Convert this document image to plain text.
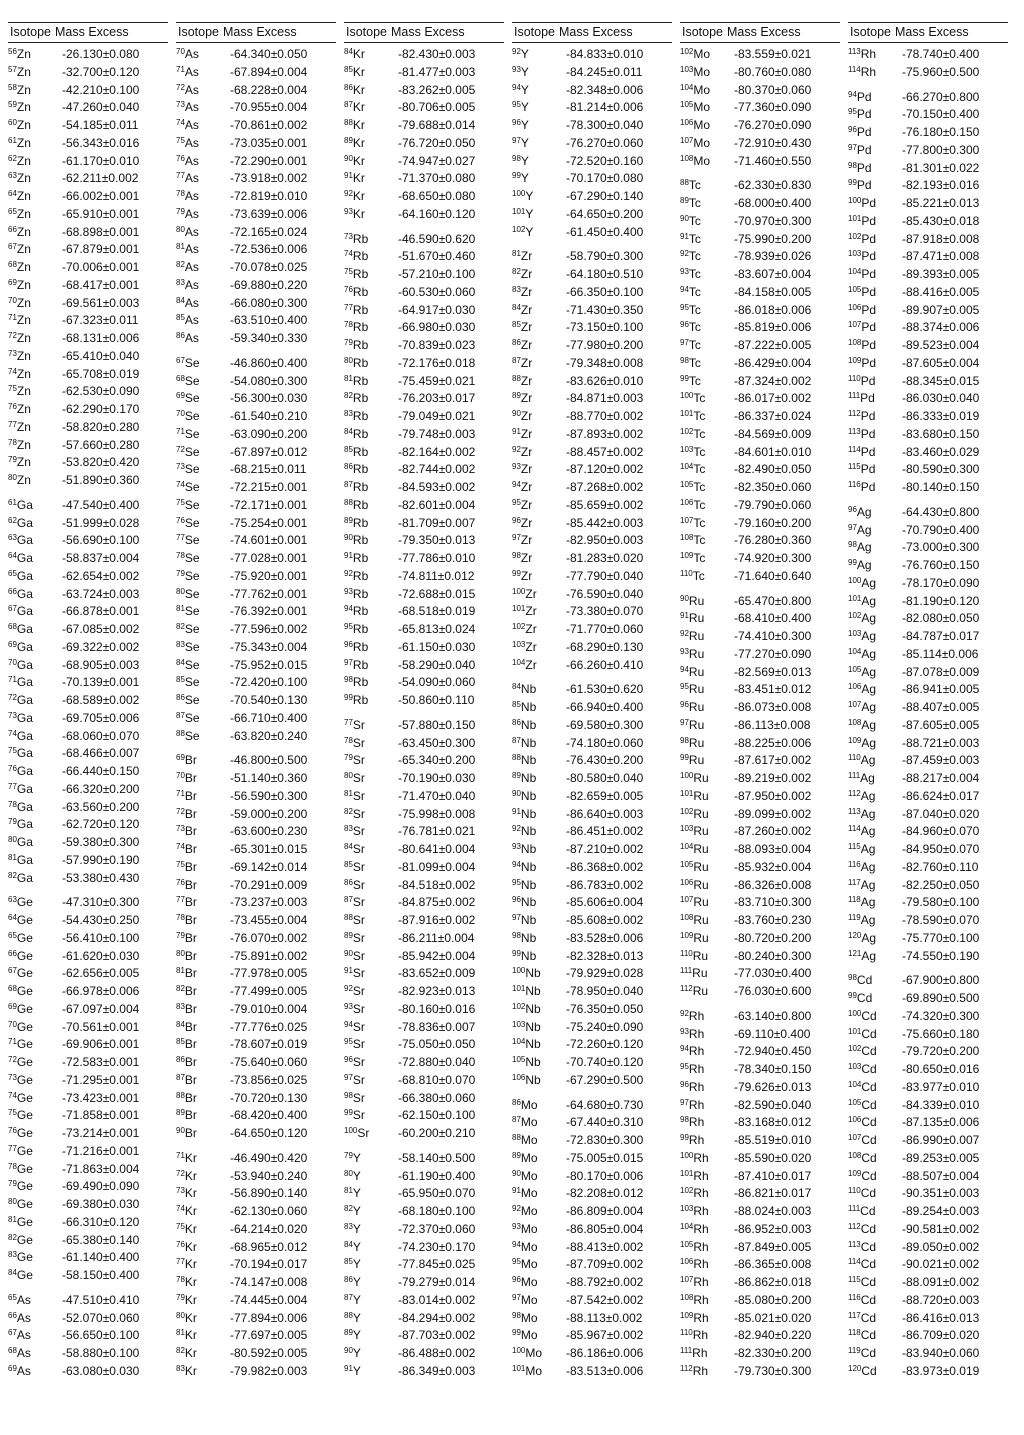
Isotope Mass Excess
$^{56}$Zn	-26.130±0.080
$^{57}$Zn	-32.700±0.120
$^{58}$Zn	-42.210±0.100
$^{59}$Zn	-47.260±0.040
$^{60}$Zn	-54.185±0.011
$^{61}$Zn	-56.343±0.016
$^{62}$Zn	-61.170±0.010
$^{63}$Zn	-62.211±0.002
$^{64}$Zn	-66.002±0.001
$^{65}$Zn	-65.910±0.001
$^{66}$Zn	-68.898±0.001
$^{67}$Zn	-67.879±0.001
$^{68}$Zn	-70.006±0.001
$^{69}$Zn	-68.417±0.001
$^{70}$Zn	-69.561±0.003
$^{71}$Zn	-67.323±0.011
$^{72}$Zn	-68.131±0.006
$^{73}$Zn	-65.410±0.040
$^{74}$Zn	-65.708±0.019
$^{75}$Zn	-62.530±0.090
$^{76}$Zn	-62.290±0.170
$^{77}$Zn	-58.820±0.280
$^{78}$Zn	-57.660±0.280
$^{79}$Zn	-53.820±0.420
$^{80}$Zn	-51.890±0.360
$^{61}$Ga -47.540±0.400
$^{62}$Ga -51.999±0.028
$^{63}$Ga -56.690±0.100
$^{64}$Ga -58.837±0.004
$^{65}$Ga -62.654±0.002
$^{66}$Ga -63.724±0.003
$^{67}$Ga -66.878±0.001
$^{68}$Ga -67.085±0.002
$^{69}$Ga -69.322±0.002
$^{70}$Ga -68.905±0.003
$^{71}$Ga -70.139±0.001
$^{72}$Ga -68.589±0.002
$^{73}$Ga -69.705±0.006
$^{74}$Ga -68.060±0.070
$^{75}$Ga -68.466±0.007
$^{76}$Ga -66.440±0.150
$^{77}$Ga -66.320±0.200
$^{78}$Ga -63.560±0.200
$^{79}$Ga -62.720±0.120
$^{80}$Ga -59.380±0.300
$^{81}$Ga -57.990±0.190
$^{82}$Ga -53.380±0.430
$^{63}$Ge -47.310±0.300
$^{64}$Ge -54.430±0.250
$^{65}$Ge -56.410±0.100
$^{66}$Ge -61.620±0.030
$^{67}$Ge -62.656±0.005
$^{68}$Ge -66.978±0.006
$^{69}$Ge -67.097±0.004
$^{70}$Ge -70.561±0.001
$^{71}$Ge -69.906±0.001
$^{72}$Ge -72.583±0.001
$^{73}$Ge -71.295±0.001
$^{74}$Ge -73.423±0.001
$^{75}$Ge -71.858±0.001
$^{76}$Ge -73.214±0.001
$^{77}$Ge -71.216±0.001
$^{78}$Ge -71.863±0.004
$^{79}$Ge -69.490±0.090
$^{80}$Ge -69.380±0.030
$^{81}$Ge -66.310±0.120
$^{82}$Ge -65.380±0.140
$^{83}$Ge -61.140±0.400
$^{84}$Ge -58.150±0.400
$^{65}$As	-47.510±0.410
$^{66}$As	-52.070±0.060
$^{67}$As	-56.650±0.100
$^{68}$As	-58.880±0.100
$^{69}$As	-63.080±0.030
Isotope Mass Excess
$^{70}$As	-64.340±0.050
$^{71}$As	-67.894±0.004
$^{72}$As	-68.228±0.004
$^{73}$As	-70.955±0.004
$^{74}$As	-70.861±0.002
$^{75}$As	-73.035±0.001
$^{76}$As	-72.290±0.001
$^{77}$As	-73.918±0.002
$^{78}$As	-72.819±0.010
$^{79}$As	-73.639±0.006
$^{80}$As	-72.165±0.024
$^{81}$As	-72.536±0.006
$^{82}$As	-70.078±0.025
$^{83}$As	-69.880±0.220
$^{84}$As	-66.080±0.300
$^{85}$As	-63.510±0.400
$^{86}$As	-59.340±0.330
$^{67}$Se	-46.860±0.400
$^{68}$Se	-54.080±0.300
$^{69}$Se	-56.300±0.030
$^{70}$Se	-61.540±0.210
$^{71}$Se	-63.090±0.200
$^{72}$Se	-67.897±0.012
$^{73}$Se	-68.215±0.011
$^{74}$Se	-72.215±0.001
$^{75}$Se	-72.171±0.001
$^{76}$Se	-75.254±0.001
$^{77}$Se	-74.601±0.001
$^{78}$Se	-77.028±0.001
$^{79}$Se	-75.920±0.001
$^{80}$Se	-77.762±0.001
$^{81}$Se	-76.392±0.001
$^{82}$Se	-77.596±0.002
$^{83}$Se	-75.343±0.004
$^{84}$Se	-75.952±0.015
$^{85}$Se	-72.420±0.100
$^{86}$Se	-70.540±0.130
$^{87}$Se	-66.710±0.400
$^{88}$Se	-63.820±0.240
$^{69}$Br	-46.800±0.500
$^{70}$Br	-51.140±0.360
$^{71}$Br	-56.590±0.300
$^{72}$Br	-59.000±0.200
$^{73}$Br	-63.600±0.230
$^{74}$Br	-65.301±0.015
$^{75}$Br	-69.142±0.014
$^{76}$Br	-70.291±0.009
$^{77}$Br	-73.237±0.003
$^{78}$Br	-73.455±0.004
$^{79}$Br	-76.070±0.002
$^{80}$Br	-75.891±0.002
$^{81}$Br	-77.978±0.005
$^{82}$Br	-77.499±0.005
$^{83}$Br	-79.010±0.004
$^{84}$Br	-77.776±0.025
$^{85}$Br	-78.607±0.019
$^{86}$Br	-75.640±0.060
$^{87}$Br	-73.856±0.025
$^{88}$Br	-70.720±0.130
$^{89}$Br	-68.420±0.400
$^{90}$Br	-64.650±0.120
$^{71}$Kr	-46.490±0.420
$^{72}$Kr	-53.940±0.240
$^{73}$Kr	-56.890±0.140
$^{74}$Kr	-62.130±0.060
$^{75}$Kr	-64.214±0.020
$^{76}$Kr	-68.965±0.012
$^{77}$Kr	-70.194±0.017
$^{78}$Kr	-74.147±0.008
$^{79}$Kr	-74.445±0.004
$^{80}$Kr	-77.894±0.006
$^{81}$Kr	-77.697±0.005
$^{82}$Kr	-80.592±0.005
$^{83}$Kr	-79.982±0.003
Isotope Mass Excess
$^{84}$Kr	-82.430±0.003
$^{85}$Kr	-81.477±0.003
$^{86}$Kr	-83.262±0.005
$^{87}$Kr	-80.706±0.005
$^{88}$Kr	-79.688±0.014
$^{89}$Kr	-76.720±0.050
$^{90}$Kr	-74.947±0.027
$^{91}$Kr	-71.370±0.080
$^{92}$Kr	-68.650±0.080
$^{93}$Kr	-64.160±0.120
$^{73}$Rb -46.590±0.620
$^{74}$Rb -51.670±0.460
$^{75}$Rb -57.210±0.100
$^{76}$Rb -60.530±0.060
$^{77}$Rb -64.917±0.030
$^{78}$Rb -66.980±0.030
$^{79}$Rb -70.839±0.023
$^{80}$Rb -72.176±0.018
$^{81}$Rb -75.459±0.021
$^{82}$Rb -76.203±0.017
$^{83}$Rb -79.049±0.021
$^{84}$Rb -79.748±0.003
$^{85}$Rb -82.164±0.002
$^{86}$Rb -82.744±0.002
$^{87}$Rb -84.593±0.002
$^{88}$Rb -82.601±0.004
$^{89}$Rb -81.709±0.007
$^{90}$Rb -79.350±0.013
$^{91}$Rb -77.786±0.010
$^{92}$Rb -74.811±0.012
$^{93}$Rb -72.688±0.015
$^{94}$Rb -68.518±0.019
$^{95}$Rb -65.813±0.024
$^{96}$Rb -61.150±0.030
$^{97}$Rb -58.290±0.040
$^{98}$Rb -54.090±0.060
$^{99}$Rb -50.860±0.110
$^{77}$Sr	-57.880±0.150
$^{78}$Sr	-63.450±0.300
$^{79}$Sr	-65.340±0.200
$^{80}$Sr	-70.190±0.030
$^{81}$Sr	-71.470±0.040
$^{82}$Sr	-75.998±0.008
$^{83}$Sr	-76.781±0.021
$^{84}$Sr	-80.641±0.004
$^{85}$Sr	-81.099±0.004
$^{86}$Sr	-84.518±0.002
$^{87}$Sr	-84.875±0.002
$^{88}$Sr	-87.916±0.002
$^{89}$Sr	-86.211±0.004
$^{90}$Sr	-85.942±0.004
$^{91}$Sr	-83.652±0.009
$^{92}$Sr	-82.923±0.013
$^{93}$Sr	-80.160±0.016
$^{94}$Sr	-78.836±0.007
$^{95}$Sr	-75.050±0.050
$^{96}$Sr	-72.880±0.040
$^{97}$Sr	-68.810±0.070
$^{98}$Sr	-66.380±0.060
$^{99}$Sr	-62.150±0.100
$^{100}$Sr -60.200±0.210
$^{79}$Y	-58.140±0.500
$^{80}$Y	-61.190±0.400
$^{81}$Y	-65.950±0.070
$^{82}$Y	-68.180±0.100
$^{83}$Y	-72.370±0.060
$^{84}$Y	-74.230±0.170
$^{85}$Y	-77.845±0.025
$^{86}$Y	-79.279±0.014
$^{87}$Y	-83.014±0.002
$^{88}$Y	-84.294±0.002
$^{89}$Y	-87.703±0.002
$^{90}$Y	-86.488±0.002
$^{91}$Y	-86.349±0.003
Isotope Mass Excess
$^{92}$Y	-84.833±0.010
$^{93}$Y	-84.245±0.011
$^{94}$Y	-82.348±0.006
$^{95}$Y	-81.214±0.006
$^{96}$Y	-78.300±0.040
$^{97}$Y	-76.270±0.060
$^{98}$Y	-72.520±0.160
$^{99}$Y	-70.170±0.080
$^{100}$Y	-67.290±0.140
$^{101}$Y	-64.650±0.200
$^{102}$Y	-61.450±0.400
$^{81}$Zr	-58.790±0.300
$^{82}$Zr	-64.180±0.510
$^{83}$Zr	-66.350±0.100
$^{84}$Zr	-71.430±0.350
$^{85}$Zr	-73.150±0.100
$^{86}$Zr	-77.980±0.200
$^{87}$Zr	-79.348±0.008
$^{88}$Zr	-83.626±0.010
$^{89}$Zr	-84.871±0.003
$^{90}$Zr	-88.770±0.002
$^{91}$Zr	-87.893±0.002
$^{92}$Zr	-88.457±0.002
$^{93}$Zr	-87.120±0.002
$^{94}$Zr	-87.268±0.002
$^{95}$Zr	-85.659±0.002
$^{96}$Zr	-85.442±0.003
$^{97}$Zr	-82.950±0.003
$^{98}$Zr	-81.283±0.020
$^{99}$Zr	-77.790±0.040
$^{100}$Zr -76.590±0.040
$^{101}$Zr -73.380±0.070
$^{102}$Zr -71.770±0.060
$^{103}$Zr -68.290±0.130
$^{104}$Zr -66.260±0.410
$^{84}$Nb -61.530±0.620
$^{85}$Nb -66.940±0.400
$^{86}$Nb -69.580±0.300
$^{87}$Nb -74.180±0.060
$^{88}$Nb -76.430±0.200
$^{89}$Nb -80.580±0.040
$^{90}$Nb -82.659±0.005
$^{91}$Nb -86.640±0.003
$^{92}$Nb -86.451±0.002
$^{93}$Nb -87.210±0.002
$^{94}$Nb -86.368±0.002
$^{95}$Nb -86.783±0.002
$^{96}$Nb -85.606±0.004
$^{97}$Nb -85.608±0.002
$^{98}$Nb -83.528±0.006
$^{99}$Nb -82.328±0.013
$^{100}$Nb -79.929±0.028
$^{101}$Nb -78.950±0.040
$^{102}$Nb -76.350±0.050
$^{103}$Nb -75.240±0.090
$^{104}$Nb -72.260±0.120
$^{105}$Nb -70.740±0.120
$^{106}$Nb -67.290±0.500
$^{86}$Mo -64.680±0.730
$^{87}$Mo -67.440±0.310
$^{88}$Mo -72.830±0.300
$^{89}$Mo -75.005±0.015
$^{90}$Mo -80.170±0.006
$^{91}$Mo -82.208±0.012
$^{92}$Mo -86.809±0.004
$^{93}$Mo -86.805±0.004
$^{94}$Mo -88.413±0.002
$^{95}$Mo -87.709±0.002
$^{96}$Mo -88.792±0.002
$^{97}$Mo -87.542±0.002
$^{98}$Mo -88.113±0.002
$^{99}$Mo -85.967±0.002
$^{100}$Mo -86.186±0.006
$^{101}$Mo -83.513±0.006
Isotope Mass Excess
$^{102}$Mo -83.559±0.021
$^{103}$Mo -80.760±0.080
$^{104}$Mo -80.370±0.060
$^{105}$Mo -77.360±0.090
$^{106}$Mo -76.270±0.090
$^{107}$Mo -72.910±0.430
$^{108}$Mo -71.460±0.550
$^{88}$Tc	-62.330±0.830
$^{89}$Tc	-68.000±0.400
$^{90}$Tc	-70.970±0.300
$^{91}$Tc	-75.990±0.200
$^{92}$Tc	-78.939±0.026
$^{93}$Tc	-83.607±0.004
$^{94}$Tc	-84.158±0.005
$^{95}$Tc	-86.018±0.006
$^{96}$Tc	-85.819±0.006
$^{97}$Tc	-87.222±0.005
$^{98}$Tc	-86.429±0.004
$^{99}$Tc	-87.324±0.002
$^{100}$Tc -86.017±0.002
$^{101}$Tc -86.337±0.024
$^{102}$Tc -84.569±0.009
$^{103}$Tc -84.601±0.010
$^{104}$Tc -82.490±0.050
$^{105}$Tc -82.350±0.060
$^{106}$Tc -79.790±0.060
$^{107}$Tc -79.160±0.200
$^{108}$Tc -76.280±0.360
$^{109}$Tc -74.920±0.300
$^{110}$Tc -71.640±0.640
$^{90}$Ru -65.470±0.800
$^{91}$Ru -68.410±0.400
$^{92}$Ru -74.410±0.300
$^{93}$Ru -77.270±0.090
$^{94}$Ru -82.569±0.013
$^{95}$Ru -83.451±0.012
$^{96}$Ru -86.073±0.008
$^{97}$Ru -86.113±0.008
$^{98}$Ru -88.225±0.006
$^{99}$Ru -87.617±0.002
$^{100}$Ru -89.219±0.002
$^{101}$Ru -87.950±0.002
$^{102}$Ru -89.099±0.002
$^{103}$Ru -87.260±0.002
$^{104}$Ru -88.093±0.004
$^{105}$Ru -85.932±0.004
$^{106}$Ru -86.326±0.008
$^{107}$Ru -83.710±0.300
$^{108}$Ru -83.760±0.230
$^{109}$Ru -80.720±0.200
$^{110}$Ru -80.240±0.300
$^{111}$Ru -77.030±0.400
$^{112}$Ru -76.030±0.600
$^{92}$Rh -63.140±0.800
$^{93}$Rh -69.110±0.400
$^{94}$Rh -72.940±0.450
$^{95}$Rh -78.340±0.150
$^{96}$Rh -79.626±0.013
$^{97}$Rh -82.590±0.040
$^{98}$Rh -83.168±0.012
$^{99}$Rh -85.519±0.010
$^{100}$Rh -85.590±0.020
$^{101}$Rh -87.410±0.017
$^{102}$Rh -86.821±0.017
$^{103}$Rh -88.024±0.003
$^{104}$Rh -86.952±0.003
$^{105}$Rh -87.849±0.005
$^{106}$Rh -86.365±0.008
$^{107}$Rh -86.862±0.018
$^{108}$Rh -85.080±0.200
$^{109}$Rh -85.021±0.020
$^{110}$Rh -82.940±0.220
$^{111}$Rh -82.330±0.200
$^{112}$Rh -79.730±0.300
Isotope Mass Excess
$^{113}$Rh -78.740±0.400
$^{114}$Rh -75.960±0.500
$^{94}$Pd	-66.270±0.800
$^{95}$Pd	-70.150±0.400
$^{96}$Pd	-76.180±0.150
$^{97}$Pd	-77.800±0.300
$^{98}$Pd	-81.301±0.022
$^{99}$Pd	-82.193±0.016
$^{100}$Pd -85.221±0.013
$^{101}$Pd -85.430±0.018
$^{102}$Pd -87.918±0.008
$^{103}$Pd -87.471±0.008
$^{104}$Pd -89.393±0.005
$^{105}$Pd -88.416±0.005
$^{106}$Pd -89.907±0.005
$^{107}$Pd -88.374±0.006
$^{108}$Pd -89.523±0.004
$^{109}$Pd -87.605±0.004
$^{110}$Pd -88.345±0.015
$^{111}$Pd -86.030±0.040
$^{112}$Pd -86.333±0.019
$^{113}$Pd -83.680±0.150
$^{114}$Pd -83.460±0.029
$^{115}$Pd -80.590±0.300
$^{116}$Pd -80.140±0.150
$^{96}$Ag	-64.430±0.800
$^{97}$Ag	-70.790±0.400
$^{98}$Ag	-73.000±0.300
$^{99}$Ag	-76.760±0.150
$^{100}$Ag -78.170±0.090
$^{101}$Ag -81.190±0.120
$^{102}$Ag -82.080±0.050
$^{103}$Ag -84.787±0.017
$^{104}$Ag -85.114±0.006
$^{105}$Ag -87.078±0.009
$^{106}$Ag -86.941±0.005
$^{107}$Ag -88.407±0.005
$^{108}$Ag -87.605±0.005
$^{109}$Ag -88.721±0.003
$^{110}$Ag -87.459±0.003
$^{111}$Ag -88.217±0.004
$^{112}$Ag -86.624±0.017
$^{113}$Ag -87.040±0.020
$^{114}$Ag -84.960±0.070
$^{115}$Ag -84.950±0.070
$^{116}$Ag -82.760±0.110
$^{117}$Ag -82.250±0.050
$^{118}$Ag -79.580±0.100
$^{119}$Ag -78.590±0.070
$^{120}$Ag -75.770±0.100
$^{121}$Ag -74.550±0.190
$^{98}$Cd -67.900±0.800
$^{99}$Cd -69.890±0.500
$^{100}$Cd -74.320±0.300
$^{101}$Cd -75.660±0.180
$^{102}$Cd -79.720±0.200
$^{103}$Cd -80.650±0.016
$^{104}$Cd -83.977±0.010
$^{105}$Cd -84.339±0.010
$^{106}$Cd -87.135±0.006
$^{107}$Cd -86.990±0.007
$^{108}$Cd -89.253±0.005
$^{109}$Cd -88.507±0.004
$^{110}$Cd -90.351±0.003
$^{111}$Cd -89.254±0.003
$^{112}$Cd -90.581±0.002
$^{113}$Cd -89.050±0.002
$^{114}$Cd -90.021±0.002
$^{115}$Cd -88.091±0.002
$^{116}$Cd -88.720±0.003
$^{117}$Cd -86.416±0.013
$^{118}$Cd -86.709±0.020
$^{119}$Cd -83.940±0.060
$^{120}$Cd -83.973±0.019
